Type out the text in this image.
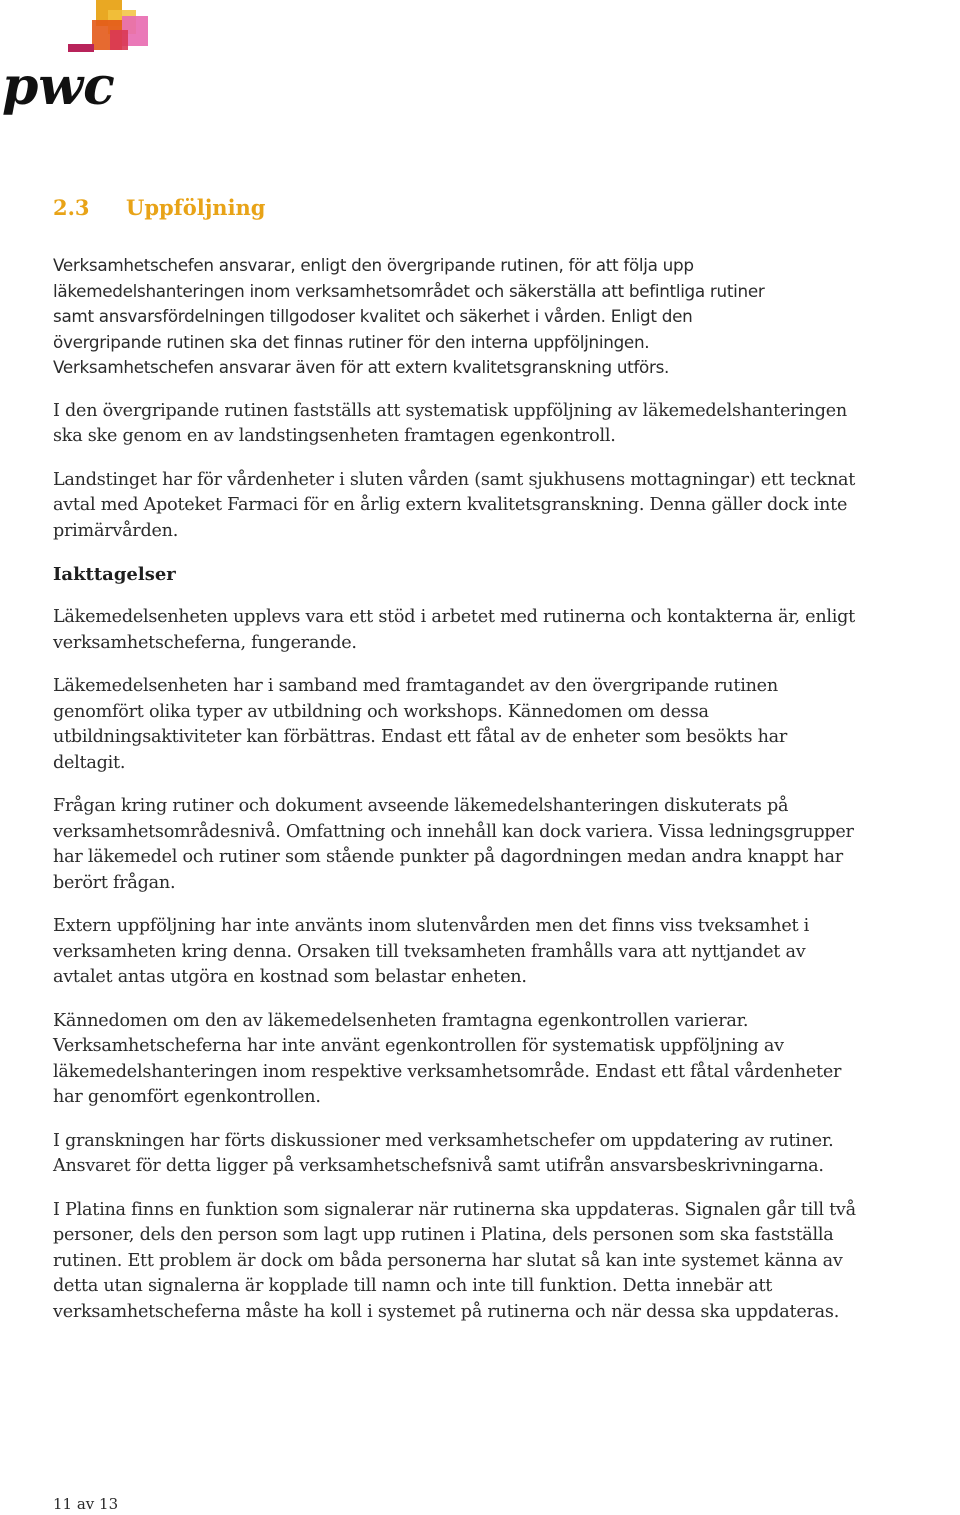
pwc
2.3 Uppföljning

Verksamhetschefen ansvarar, enligt den övergripande rutinen, för att följa upp
läkemedelshanteringen inom verksamhetsområdet och säkerställa att befintliga rutiner
samt ansvarsfördelningen tillgodoser kvalitet och säkerhet i vården. Enligt den
övergripande rutinen ska det finnas rutiner för den interna uppföljningen.
Verksamhetschefen ansvarar även för att extern kvalitetsgranskning utförs.

I den övergripande rutinen fastställs att systematisk uppföljning av läkemedelshanteringen
ska ske genom en av landstingsenheten framtagen egenkontroll.

Landstinget har för vårdenheter i sluten vården (samt sjukhusens mottagningar) ett tecknat
avtal med Apoteket Farmaci för en årlig extern kvalitetsgranskning. Denna gäller dock inte
primärvården.

Iakttagelser

Läkemedelsenheten upplevs vara ett stöd i arbetet med rutinerna och kontakterna är, enligt
verksamhetscheferna, fungerande.

Läkemedelsenheten har i samband med framtagandet av den övergripande rutinen
genomfört olika typer av utbildning och workshops. Kännedomen om dessa
utbildningsaktiviteter kan förbättras. Endast ett fåtal av de enheter som besökts har
deltagit.

Frågan kring rutiner och dokument avseende läkemedelshanteringen diskuterats på
verksamhetsområdesnivå. Omfattning och innehåll kan dock variera. Vissa ledningsgrupper
har läkemedel och rutiner som stående punkter på dagordningen medan andra knappt har
berört frågan.

Extern uppföljning har inte använts inom slutenvården men det finns viss tveksamhet i
verksamheten kring denna. Orsaken till tveksamheten framhålls vara att nyttjandet av
avtalet antas utgöra en kostnad som belastar enheten.

Kännedomen om den av läkemedelsenheten framtagna egenkontrollen varierar.
Verksamhetscheferna har inte använt egenkontrollen för systematisk uppföljning av
läkemedelshanteringen inom respektive verksamhetsområde. Endast ett fåtal vårdenheter
har genomfört egenkontrollen.

I granskningen har förts diskussioner med verksamhetschefer om uppdatering av rutiner.
Ansvaret för detta ligger på verksamhetschefsnivå samt utifrån ansvarsbeskrivningarna.

I Platina finns en funktion som signalerar när rutinerna ska uppdateras. Signalen går till två
personer, dels den person som lagt upp rutinen i Platina, dels personen som ska fastställa
rutinen. Ett problem är dock om båda personerna har slutat så kan inte systemet känna av
detta utan signalerna är kopplade till namn och inte till funktion. Detta innebär att
verksamhetscheferna måste ha koll i systemet på rutinerna och när dessa ska uppdateras.

11 av 13
